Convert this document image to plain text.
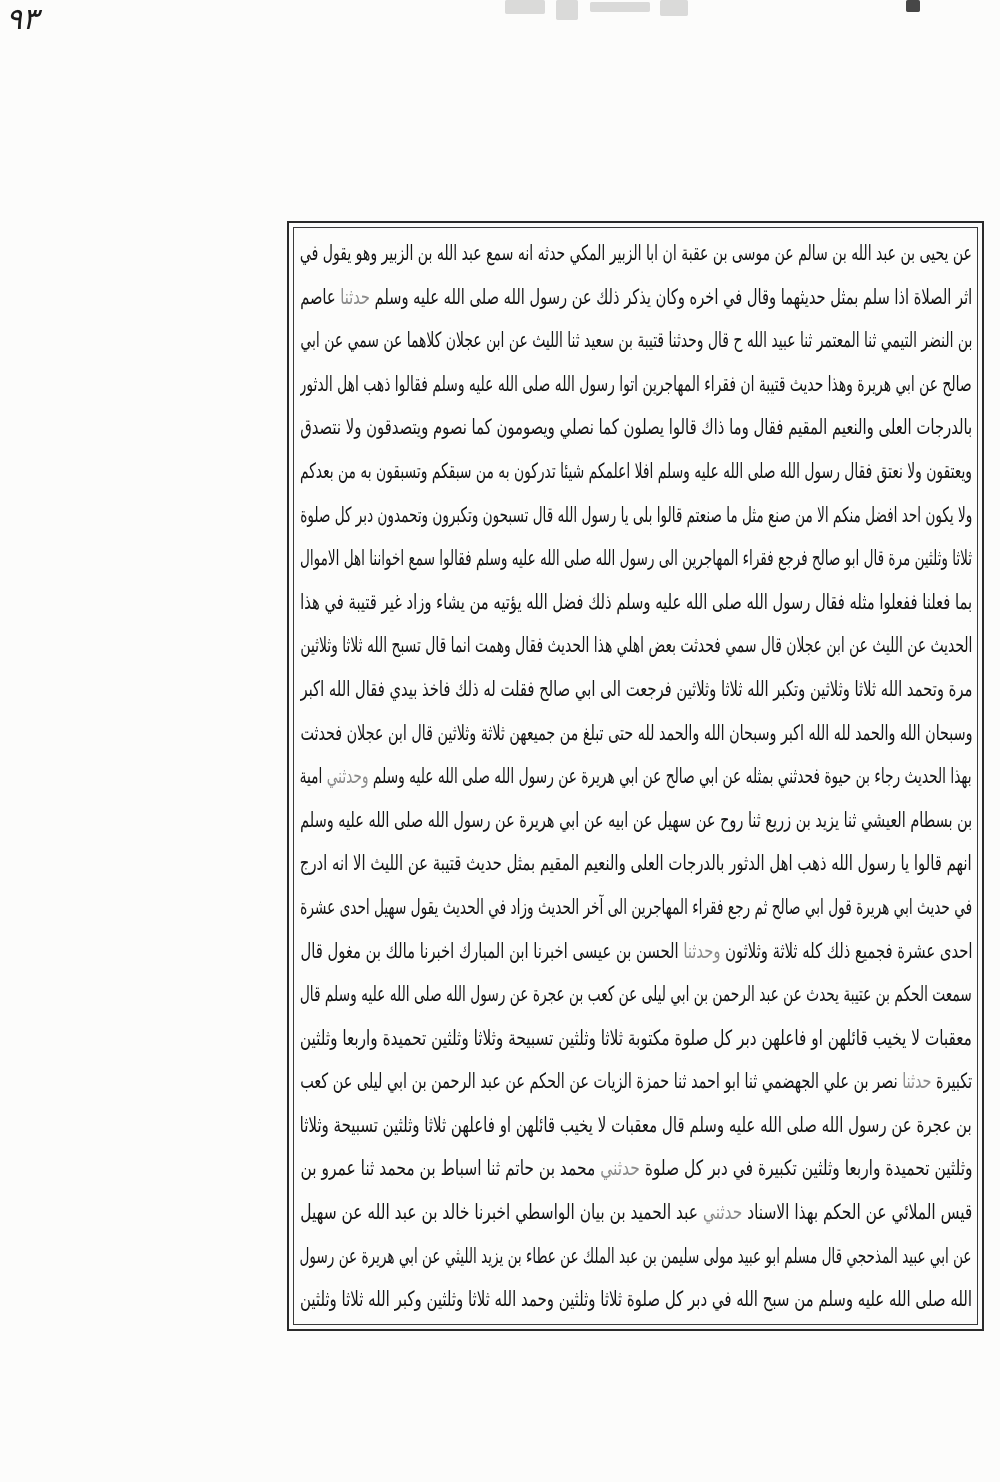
٩٣
عن يحيى بن عبد الله بن سالم عن موسى بن عقبة ان ابا الزبير المكي حدثه انه سمع عبد الله بن الزبير وهو يقول في
اثر الصلاة اذا سلم بمثل حديثهما وقال في اخره وكان يذكر ذلك عن رسول الله صلى الله عليه وسلم حدثنا عاصم
بن النضر التيمي ثنا المعتمر ثنا عبيد الله ح قال وحدثنا قتيبة بن سعيد ثنا الليث عن ابن عجلان كلاهما عن سمي عن ابي
صالح عن ابي هريرة وهذا حديث قتيبة ان فقراء المهاجرين اتوا رسول الله صلى الله عليه وسلم فقالوا ذهب اهل الدثور
بالدرجات العلى والنعيم المقيم فقال وما ذاك قالوا يصلون كما نصلي ويصومون كما نصوم ويتصدقون ولا نتصدق
ويعتقون ولا نعتق فقال رسول الله صلى الله عليه وسلم افلا اعلمكم شيئا تدركون به من سبقكم وتسبقون به من بعدكم
ولا يكون احد افضل منكم الا من صنع مثل ما صنعتم قالوا بلى يا رسول الله قال تسبحون وتكبرون وتحمدون دبر كل صلوة
ثلاثا وثلثين مرة قال ابو صالح فرجع فقراء المهاجرين الى رسول الله صلى الله عليه وسلم فقالوا سمع اخواننا اهل الاموال
بما فعلنا ففعلوا مثله فقال رسول الله صلى الله عليه وسلم ذلك فضل الله يؤتيه من يشاء وزاد غير قتيبة في هذا
الحديث عن الليث عن ابن عجلان قال سمي فحدثت بعض اهلي هذا الحديث فقال وهمت انما قال تسبح الله ثلاثا وثلاثين
مرة وتحمد الله ثلاثا وثلاثين وتكبر الله ثلاثا وثلاثين فرجعت الى ابي صالح فقلت له ذلك فاخذ بيدي فقال الله اكبر
وسبحان الله والحمد لله الله اكبر وسبحان الله والحمد لله حتى تبلغ من جميعهن ثلاثة وثلاثين قال ابن عجلان فحدثت
بهذا الحديث رجاء بن حيوة فحدثني بمثله عن ابي صالح عن ابي هريرة عن رسول الله صلى الله عليه وسلم وحدثني امية
بن بسطام العيشي ثنا يزيد بن زريع ثنا روح عن سهيل عن ابيه عن ابي هريرة عن رسول الله صلى الله عليه وسلم
انهم قالوا يا رسول الله ذهب اهل الدثور بالدرجات العلى والنعيم المقيم بمثل حديث قتيبة عن الليث الا انه ادرج
في حديث ابي هريرة قول ابي صالح ثم رجع فقراء المهاجرين الى آخر الحديث وزاد في الحديث يقول سهيل احدى عشرة
احدى عشرة فجميع ذلك كله ثلاثة وثلاثون وحدثنا الحسن بن عيسى اخبرنا ابن المبارك اخبرنا مالك بن مغول قال
سمعت الحكم بن عتيبة يحدث عن عبد الرحمن بن ابي ليلى عن كعب بن عجرة عن رسول الله صلى الله عليه وسلم قال
معقبات لا يخيب قائلهن او فاعلهن دبر كل صلوة مكتوبة ثلاثا وثلثين تسبيحة وثلاثا وثلثين تحميدة واربعا وثلثين
تكبيرة حدثنا نصر بن علي الجهضمي ثنا ابو احمد ثنا حمزة الزيات عن الحكم عن عبد الرحمن بن ابي ليلى عن كعب
بن عجرة عن رسول الله صلى الله عليه وسلم قال معقبات لا يخيب قائلهن او فاعلهن ثلاثا وثلثين تسبيحة وثلاثا
وثلثين تحميدة واربعا وثلثين تكبيرة في دبر كل صلوة حدثني محمد بن حاتم ثنا اسباط بن محمد ثنا عمرو بن
قيس الملائي عن الحكم بهذا الاسناد حدثني عبد الحميد بن بيان الواسطي اخبرنا خالد بن عبد الله عن سهيل
عن ابي عبيد المذحجي قال مسلم ابو عبيد مولى سليمن بن عبد الملك عن عطاء بن يزيد الليثي عن ابي هريرة عن رسول
الله صلى الله عليه وسلم من سبح الله في دبر كل صلوة ثلاثا وثلثين وحمد الله ثلاثا وثلثين وكبر الله ثلاثا وثلثين
